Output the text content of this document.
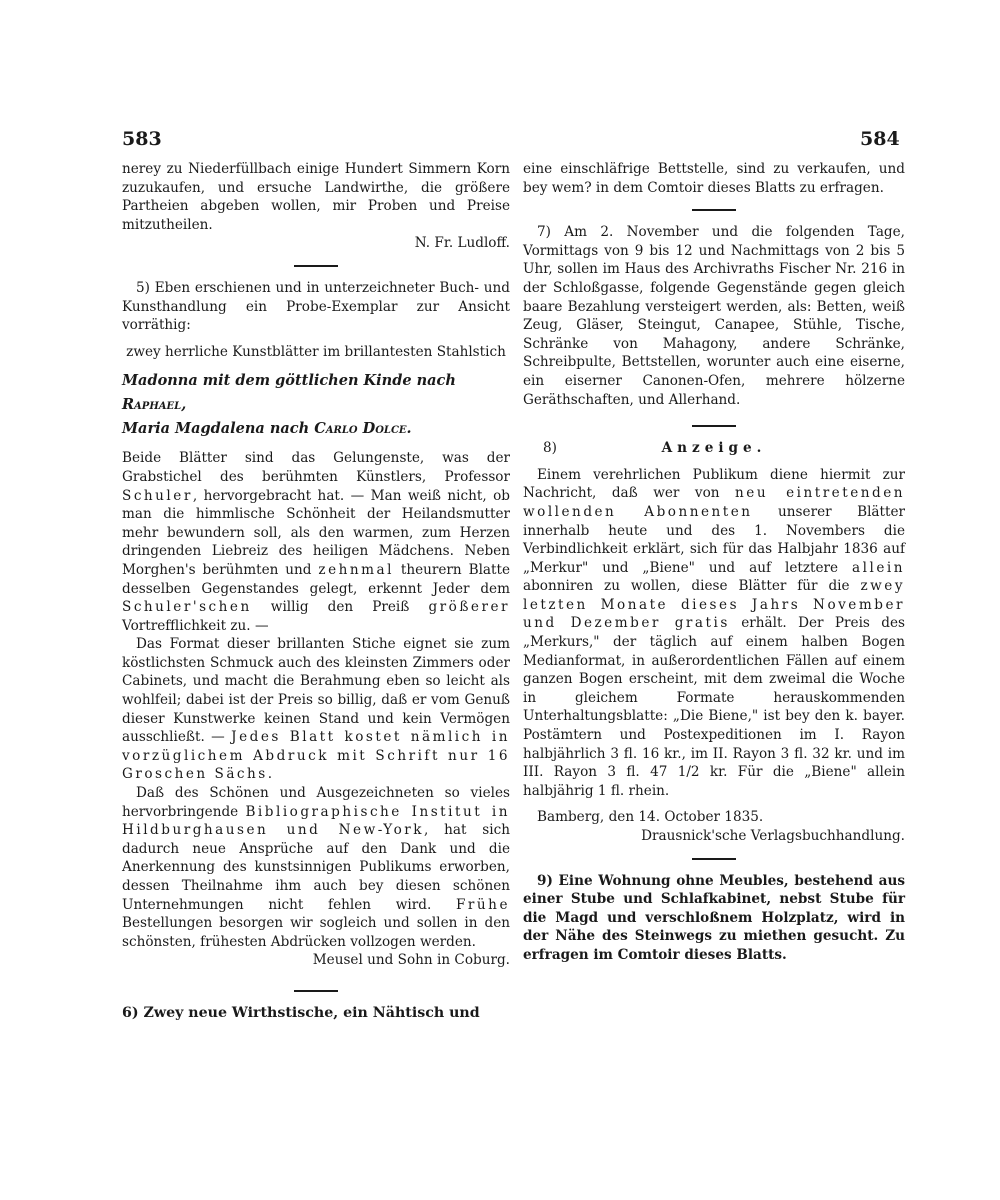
583	584

nerey zu Niederfüllbach einige Hundert Simmern Korn zuzukaufen, und ersuche Landwirthe, die größere Partheien abgeben wollen, mir Proben und Preise mitzutheilen.

N. Fr. Ludloff.

5) Eben erschienen und in unterzeichneter Buch- und Kunsthandlung ein Probe-Exemplar zur Ansicht vorräthig:

zwey herrliche Kunstblätter im brillantesten Stahlstich

Madonna mit dem göttlichen Kinde nach Raphael,

Maria Magdalena nach Carlo Dolce.

Beide Blätter sind das Gelungenste, was der Grabstichel des berühmten Künstlers, Professor Schuler, hervorgebracht hat. — Man weiß nicht, ob man die himmlische Schönheit der Heilandsmutter mehr bewundern soll, als den warmen, zum Herzen dringenden Liebreiz des heiligen Mädchens. Neben Morghen's berühmten und zehnmal theurern Blatte desselben Gegenstandes gelegt, erkennt Jeder dem Schuler'schen willig den Preiß größerer Vortrefflichkeit zu. —

Das Format dieser brillanten Stiche eignet sie zum köstlichsten Schmuck auch des kleinsten Zimmers oder Cabinets, und macht die Berahmung eben so leicht als wohlfeil; dabei ist der Preis so billig, daß er vom Genuß dieser Kunstwerke keinen Stand und kein Vermögen ausschließt. — Jedes Blatt kostet nämlich in vorzüglichem Abdruck mit Schrift nur 16 Groschen Sächs.

Daß des Schönen und Ausgezeichneten so vieles hervorbringende Bibliographische Institut in Hildburghausen und New-York, hat sich dadurch neue Ansprüche auf den Dank und die Anerkennung des kunstsinnigen Publikums erworben, dessen Theilnahme ihm auch bey diesen schönen Unternehmungen nicht fehlen wird. Frühe Bestellungen besorgen wir sogleich und sollen in den schönsten, frühesten Abdrücken vollzogen werden.

Meusel und Sohn in Coburg.

6) Zwey neue Wirthstische, ein Nähtisch und

eine einschläfrige Bettstelle, sind zu verkaufen, und bey wem? in dem Comtoir dieses Blatts zu erfragen.

7) Am 2. November und die folgenden Tage, Vormittags von 9 bis 12 und Nachmittags von 2 bis 5 Uhr, sollen im Haus des Archivraths Fischer Nr. 216 in der Schloßgasse, folgende Gegenstände gegen gleich baare Bezahlung versteigert werden, als: Betten, weiß Zeug, Gläser, Steingut, Canapee, Stühle, Tische, Schränke von Mahagony, andere Schränke, Schreibpulte, Bettstellen, worunter auch eine eiserne, ein eiserner Canonen-Ofen, mehrere hölzerne Geräthschaften, und Allerhand.

8)	Anzeige.

Einem verehrlichen Publikum diene hiermit zur Nachricht, daß wer von neu eintretenden wollenden Abonnenten unserer Blätter innerhalb heute und des 1. Novembers die Verbindlichkeit erklärt, sich für das Halbjahr 1836 auf „Merkur" und „Biene" und auf letztere allein abonniren zu wollen, diese Blätter für die zwey letzten Monate dieses Jahrs November und Dezember gratis erhält. Der Preis des „Merkurs," der täglich auf einem halben Bogen Medianformat, in außerordentlichen Fällen auf einem ganzen Bogen erscheint, mit dem zweimal die Woche in gleichem Formate herauskommenden Unterhaltungsblatte: „Die Biene," ist bey den k. bayer. Postämtern und Postexpeditionen im I. Rayon halbjährlich 3 fl. 16 kr., im II. Rayon 3 fl. 32 kr. und im III. Rayon 3 fl. 47 1/2 kr. Für die „Biene" allein halbjährig 1 fl. rhein.

Bamberg, den 14. October 1835.

Drausnick'sche Verlagsbuchhandlung.

9) Eine Wohnung ohne Meubles, bestehend aus einer Stube und Schlafkabinet, nebst Stube für die Magd und verschloßnem Holzplatz, wird in der Nähe des Steinwegs zu miethen gesucht. Zu erfragen im Comtoir dieses Blatts.
